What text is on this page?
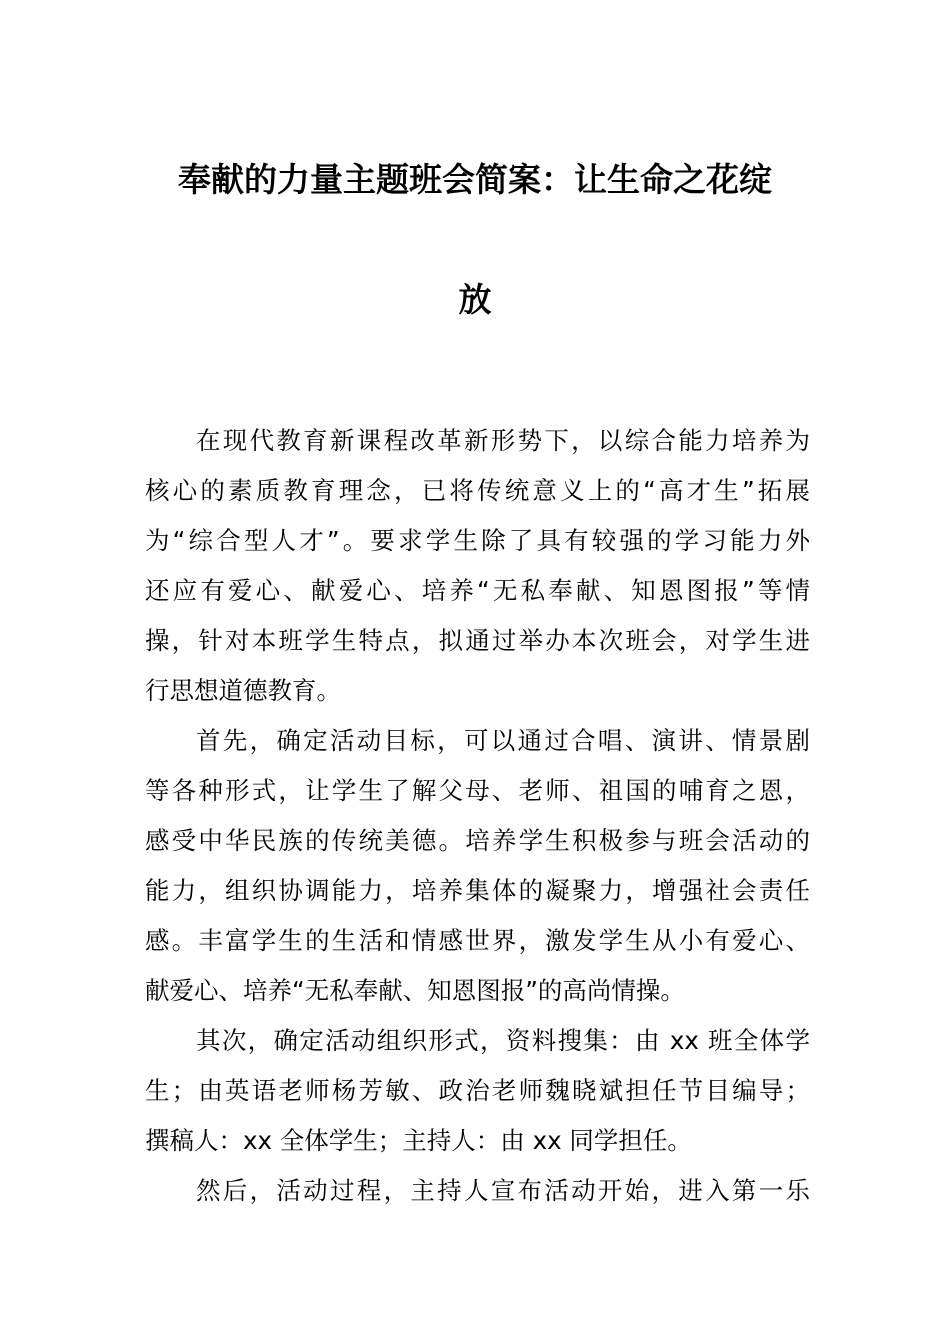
奉献的力量主题班会简案：让生命之花绽
放
在现代教育新课程改革新形势下，以综合能力培养为
核心的素质教育理念，已将传统意义上的“高才生”拓展
为“综合型人才”。要求学生除了具有较强的学习能力外
还应有爱心、献爱心、培养“无私奉献、知恩图报”等情
操，针对本班学生特点，拟通过举办本次班会，对学生进
行思想道德教育。
首先，确定活动目标，可以通过合唱、演讲、情景剧
等各种形式，让学生了解父母、老师、祖国的哺育之恩，
感受中华民族的传统美德。培养学生积极参与班会活动的
能力，组织协调能力，培养集体的凝聚力，增强社会责任
感。丰富学生的生活和情感世界，激发学生从小有爱心、
献爱心、培养“无私奉献、知恩图报”的高尚情操。
其次，确定活动组织形式，资料搜集：由 xx 班全体学
生；由英语老师杨芳敏、政治老师魏晓斌担任节目编导；
撰稿人：xx 全体学生；主持人：由 xx 同学担任。
然后，活动过程，主持人宣布活动开始，进入第一乐
